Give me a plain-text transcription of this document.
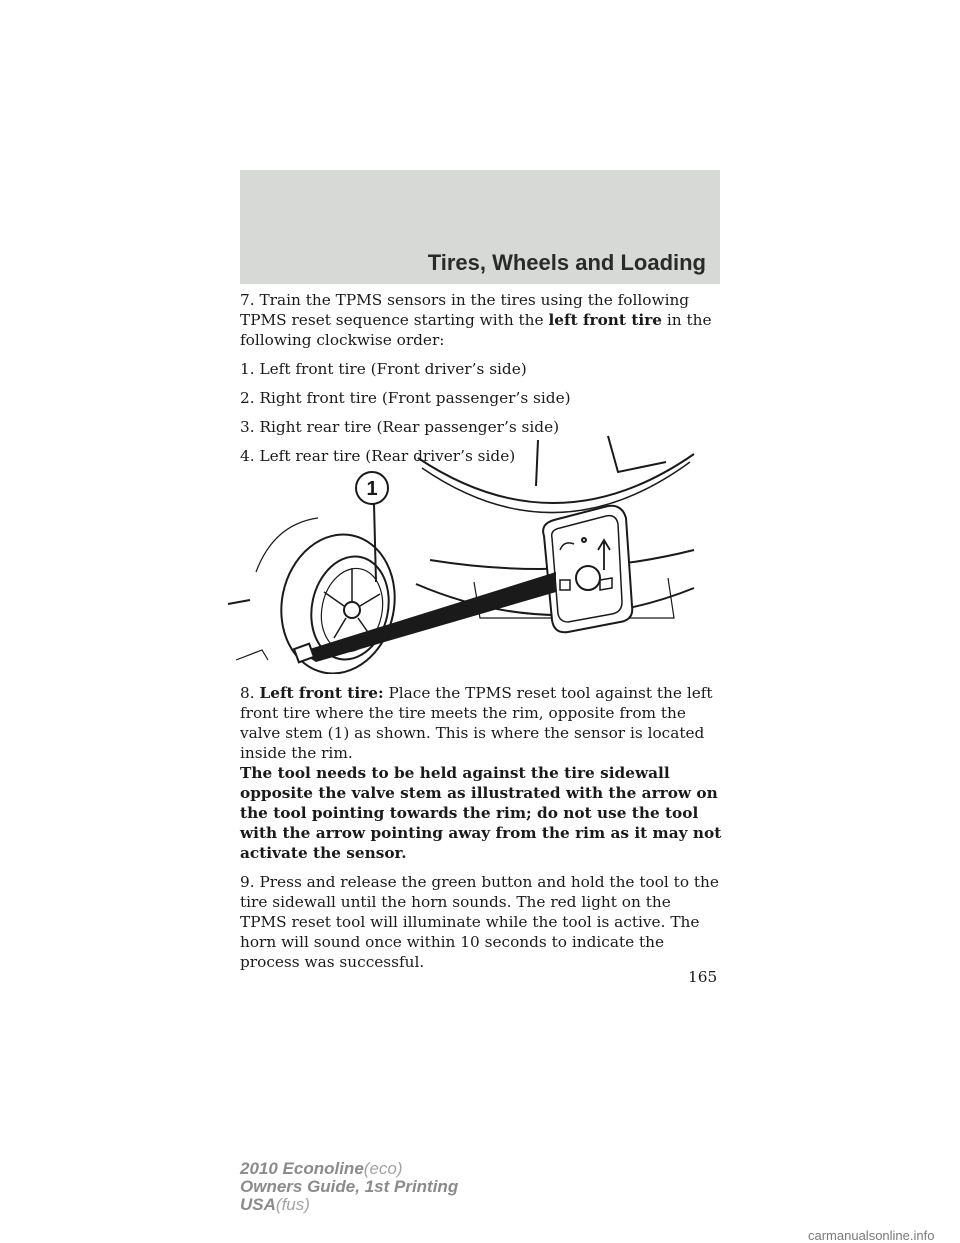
Tires, Wheels and Loading

7. Train the TPMS sensors in the tires using the following TPMS reset sequence starting with the left front tire in the following clockwise order:

1. Left front tire (Front driver’s side)

2. Right front tire (Front passenger’s side)

3. Right rear tire (Rear passenger’s side)

4. Left rear tire (Rear driver’s side)

1

8. Left front tire: Place the TPMS reset tool against the left front tire where the tire meets the rim, opposite from the valve stem (1) as shown. This is where the sensor is located inside the rim.

The tool needs to be held against the tire sidewall opposite the valve stem as illustrated with the arrow on the tool pointing towards the rim; do not use the tool with the arrow pointing away from the rim as it may not activate the sensor.

9. Press and release the green button and hold the tool to the tire sidewall until the horn sounds. The red light on the TPMS reset tool will illuminate while the tool is active. The horn will sound once within 10 seconds to indicate the process was successful.

165
2010 Econoline(eco)
Owners Guide, 1st Printing
USA(fus)
carmanualsonline.info
